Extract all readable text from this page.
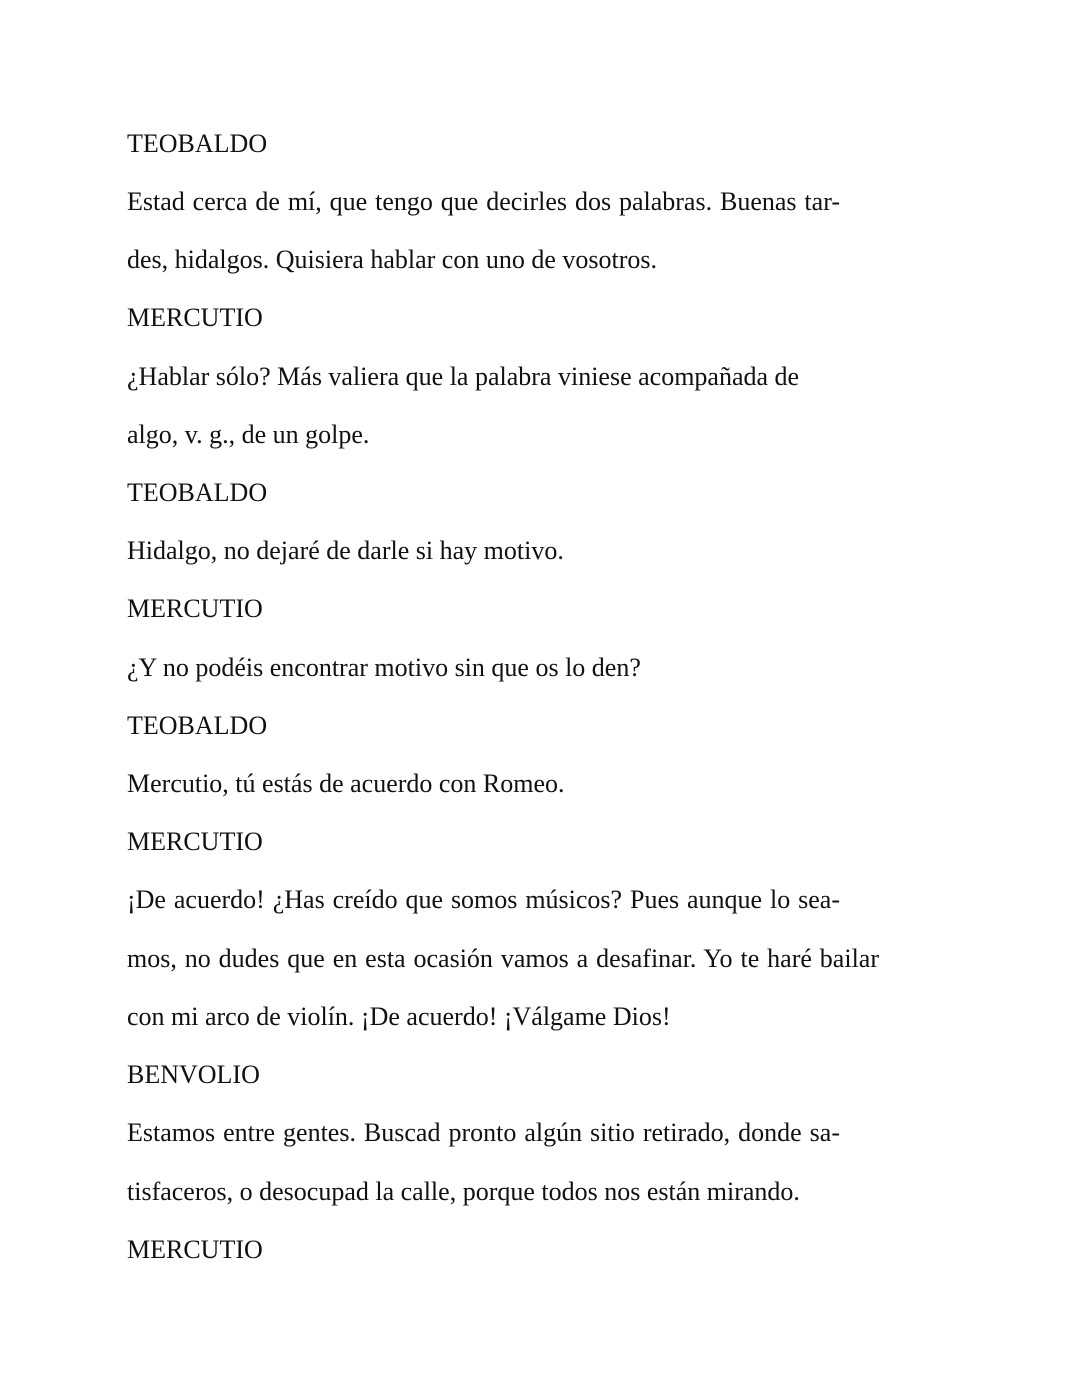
TEOBALDO
Estad cerca de mí, que tengo que decirles dos palabras. Buenas tar-
des, hidalgos. Quisiera hablar con uno de vosotros.
MERCUTIO
¿Hablar sólo? Más valiera que la palabra viniese acompañada de
algo, v. g., de un golpe.
TEOBALDO
Hidalgo, no dejaré de darle si hay motivo.
MERCUTIO
¿Y no podéis encontrar motivo sin que os lo den?
TEOBALDO
Mercutio, tú estás de acuerdo con Romeo.
MERCUTIO
¡De acuerdo! ¿Has creído que somos músicos? Pues aunque lo sea-
mos, no dudes que en esta ocasión vamos a desafinar. Yo te haré bailar
con mi arco de violín. ¡De acuerdo! ¡Válgame Dios!
BENVOLIO
Estamos entre gentes. Buscad pronto algún sitio retirado, donde sa-
tisfaceros, o desocupad la calle, porque todos nos están mirando.
MERCUTIO
